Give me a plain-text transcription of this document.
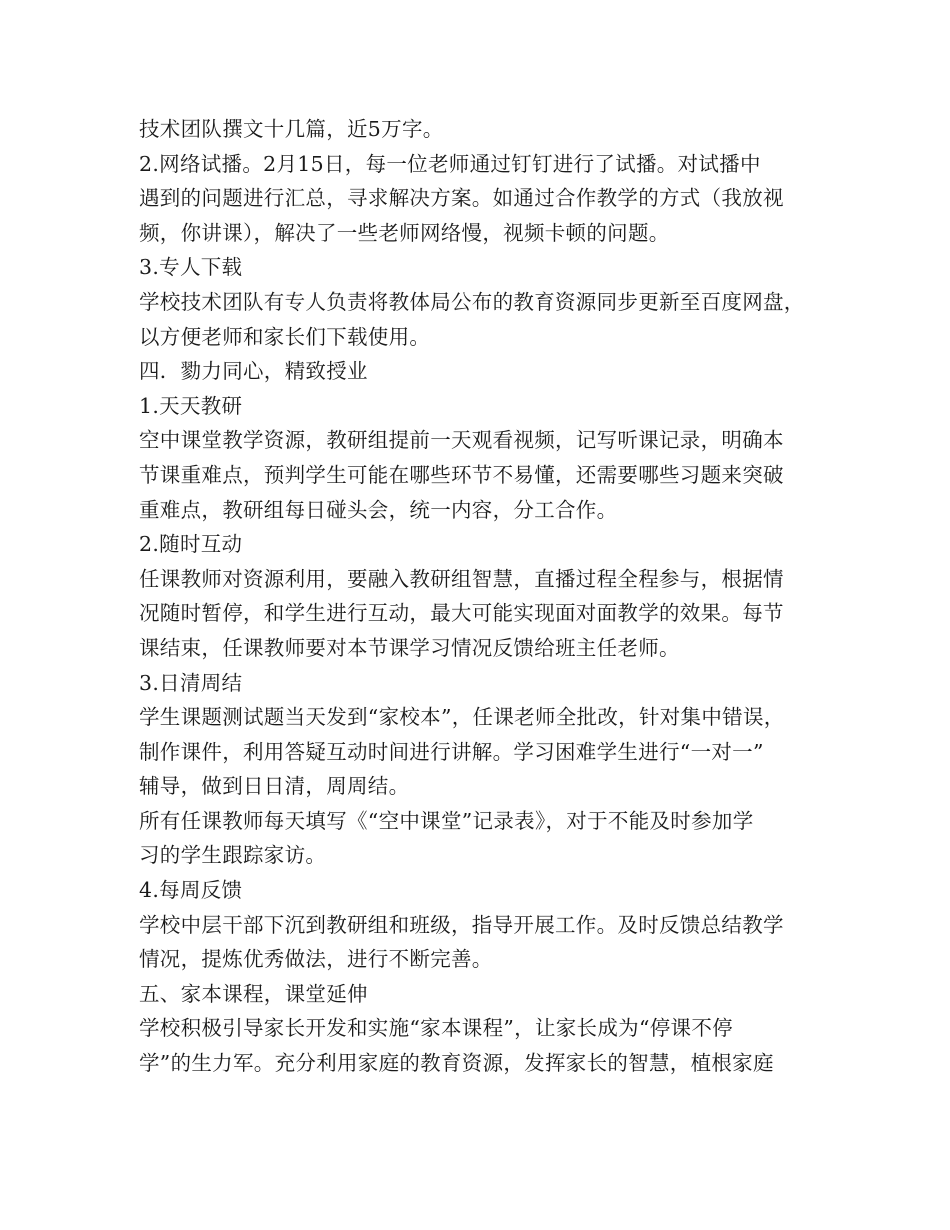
技术团队撰文十几篇，近5万字。
2.网络试播。2月15日，每一位老师通过钉钉进行了试播。对试播中
遇到的问题进行汇总，寻求解决方案。如通过合作教学的方式（我放视
频，你讲课），解决了一些老师网络慢，视频卡顿的问题。
3.专人下载
学校技术团队有专人负责将教体局公布的教育资源同步更新至百度网盘，
以方便老师和家长们下载使用。
四．勠力同心，精致授业
1.天天教研
空中课堂教学资源，教研组提前一天观看视频，记写听课记录，明确本
节课重难点，预判学生可能在哪些环节不易懂，还需要哪些习题来突破
重难点，教研组每日碰头会，统一内容，分工合作。
2.随时互动
任课教师对资源利用，要融入教研组智慧，直播过程全程参与，根据情
况随时暂停，和学生进行互动，最大可能实现面对面教学的效果。每节
课结束，任课教师要对本节课学习情况反馈给班主任老师。
3.日清周结
学生课题测试题当天发到“家校本”，任课老师全批改，针对集中错误，
制作课件，利用答疑互动时间进行讲解。学习困难学生进行“一对一”
辅导，做到日日清，周周结。
所有任课教师每天填写《“空中课堂”记录表》，对于不能及时参加学
习的学生跟踪家访。
4.每周反馈
学校中层干部下沉到教研组和班级，指导开展工作。及时反馈总结教学
情况，提炼优秀做法，进行不断完善。
五、家本课程，课堂延伸
学校积极引导家长开发和实施“家本课程”，让家长成为“停课不停
学”的生力军。充分利用家庭的教育资源，发挥家长的智慧，植根家庭
